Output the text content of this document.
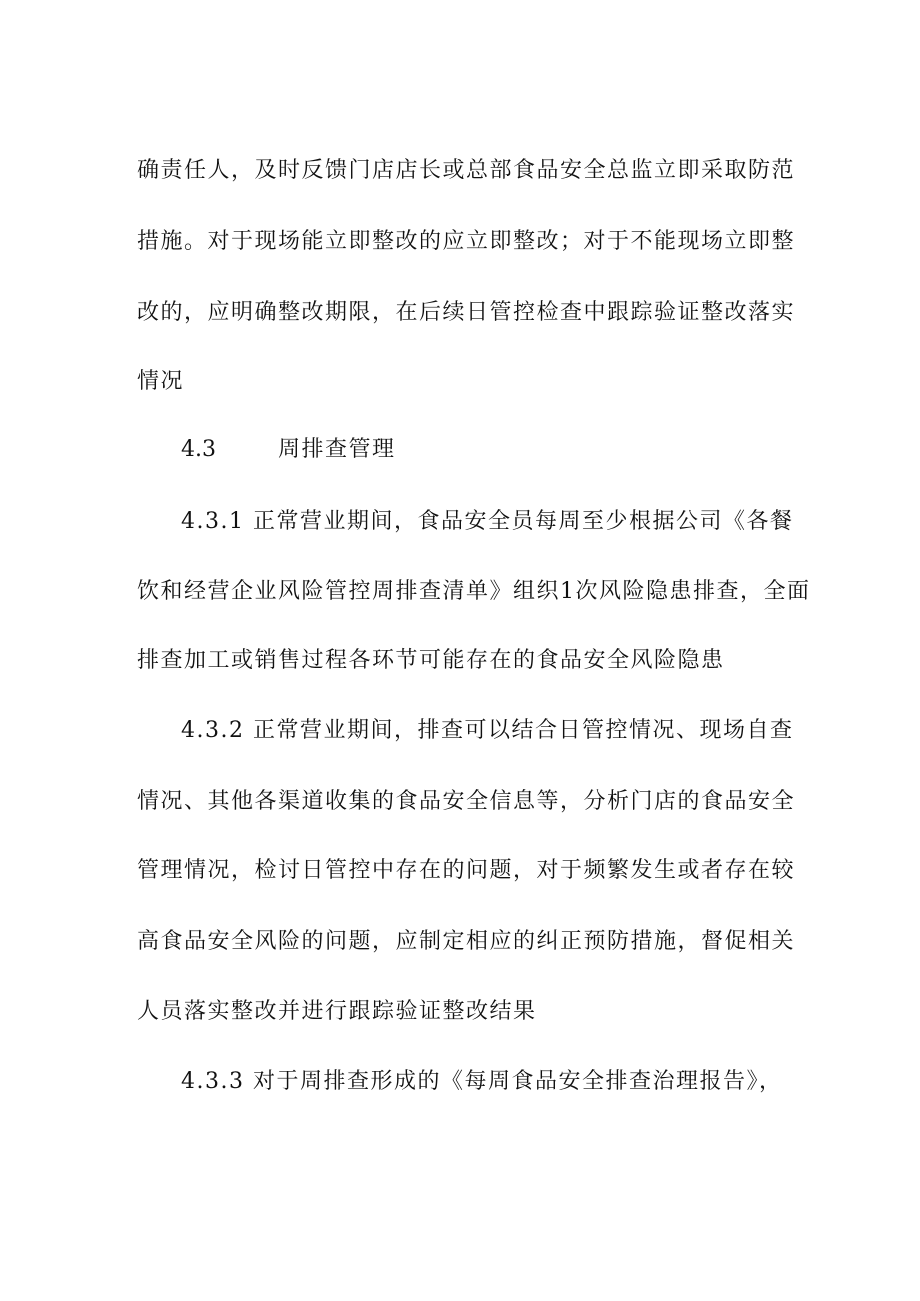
确责任人，及时反馈门店店长或总部食品安全总监立即采取防范
措施。对于现场能立即整改的应立即整改；对于不能现场立即整
改的，应明确整改期限，在后续日管控检查中跟踪验证整改落实
情况
4.3	周排查管理
4.3.1 正常营业期间，食品安全员每周至少根据公司《各餐
饮和经营企业风险管控周排查清单》组织1次风险隐患排查，全面
排查加工或销售过程各环节可能存在的食品安全风险隐患
4.3.2 正常营业期间，排查可以结合日管控情况、现场自查
情况、其他各渠道收集的食品安全信息等，分析门店的食品安全
管理情况，检讨日管控中存在的问题，对于频繁发生或者存在较
高食品安全风险的问题，应制定相应的纠正预防措施，督促相关
人员落实整改并进行跟踪验证整改结果
4.3.3 对于周排查形成的《每周食品安全排查治理报告》，
